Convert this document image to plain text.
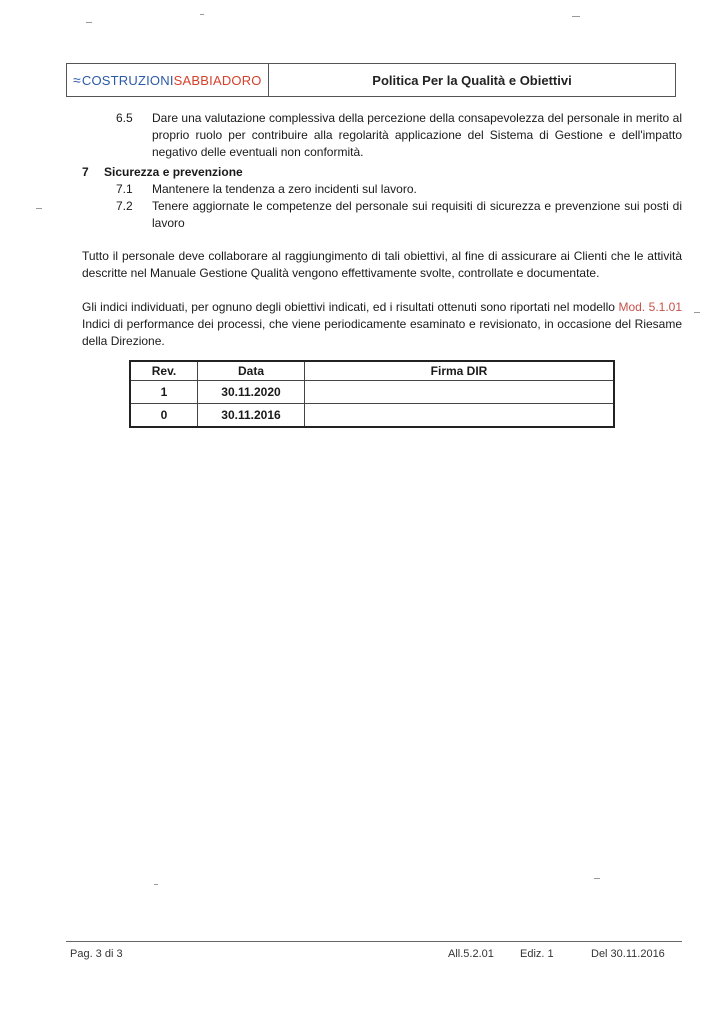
≈ COSTRUZIONI SABBIADORO	Politica Per la Qualità e Obiettivi
6.5	Dare una valutazione complessiva della percezione della consapevolezza del personale in merito al proprio ruolo per contribuire alla regolarità applicazione del Sistema di Gestione e dell'impatto negativo delle eventuali non conformità.
7	Sicurezza e prevenzione
7.1	Mantenere la tendenza a zero incidenti sul lavoro.
7.2	Tenere aggiornate le competenze del personale sui requisiti di sicurezza e prevenzione sui posti di lavoro
Tutto il personale deve collaborare al raggiungimento di tali obiettivi, al fine di assicurare ai Clienti che le attività descritte nel Manuale Gestione Qualità vengono effettivamente svolte, controllate e documentate.
Gli indici individuati, per ognuno degli obiettivi indicati, ed i risultati ottenuti sono riportati nel modello Mod. 5.1.01 Indici di performance dei processi, che viene periodicamente esaminato e revisionato, in occasione del Riesame della Direzione.
Rev.	Data	Firma DIR
1	30.11.2020	
0	30.11.2016	
Pag. 3 di 3	All.5.2.01 Ediz. 1	Del 30.11.2016
